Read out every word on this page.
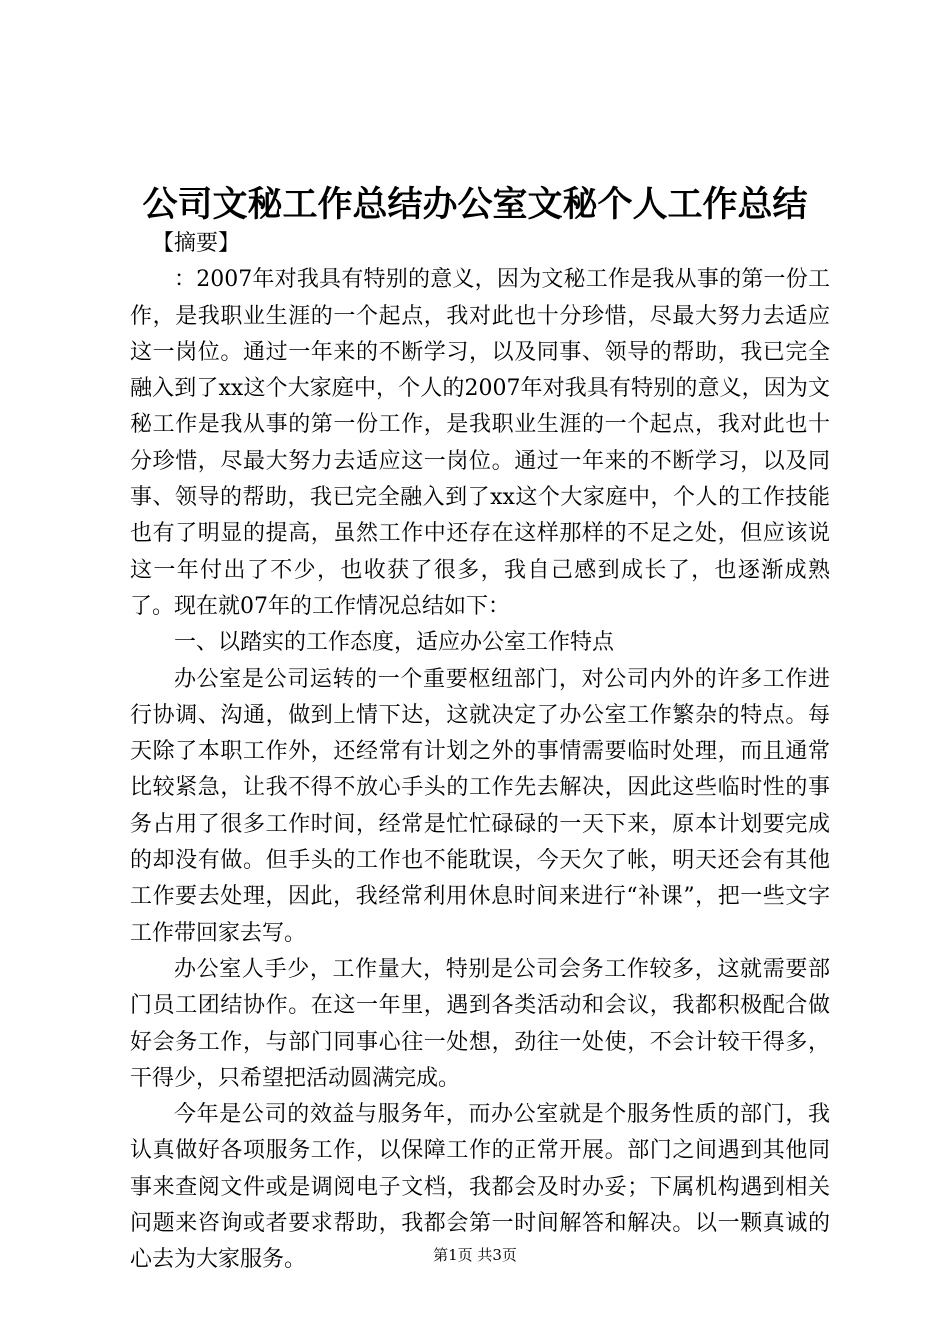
公司文秘工作总结办公室文秘个人工作总结

【摘要】

：2007年对我具有特别的意义，因为文秘工作是我从事的第一份工作，是我职业生涯的一个起点，我对此也十分珍惜，尽最大努力去适应这一岗位。通过一年来的不断学习，以及同事、领导的帮助，我已完全融入到了xx这个大家庭中，个人的2007年对我具有特别的意义，因为文秘工作是我从事的第一份工作，是我职业生涯的一个起点，我对此也十分珍惜，尽最大努力去适应这一岗位。通过一年来的不断学习，以及同事、领导的帮助，我已完全融入到了xx这个大家庭中，个人的工作技能也有了明显的提高，虽然工作中还存在这样那样的不足之处，但应该说这一年付出了不少，也收获了很多，我自己感到成长了，也逐渐成熟了。现在就07年的工作情况总结如下：

一、以踏实的工作态度，适应办公室工作特点

办公室是公司运转的一个重要枢纽部门，对公司内外的许多工作进行协调、沟通，做到上情下达，这就决定了办公室工作繁杂的特点。每天除了本职工作外，还经常有计划之外的事情需要临时处理，而且通常比较紧急，让我不得不放心手头的工作先去解决，因此这些临时性的事务占用了很多工作时间，经常是忙忙碌碌的一天下来，原本计划要完成的却没有做。但手头的工作也不能耽误，今天欠了帐，明天还会有其他工作要去处理，因此，我经常利用休息时间来进行“补课”，把一些文字工作带回家去写。

办公室人手少，工作量大，特别是公司会务工作较多，这就需要部门员工团结协作。在这一年里，遇到各类活动和会议，我都积极配合做好会务工作，与部门同事心往一处想，劲往一处使，不会计较干得多，干得少，只希望把活动圆满完成。

今年是公司的效益与服务年，而办公室就是个服务性质的部门，我认真做好各项服务工作，以保障工作的正常开展。部门之间遇到其他同事来查阅文件或是调阅电子文档，我都会及时办妥；下属机构遇到相关问题来咨询或者要求帮助，我都会第一时间解答和解决。以一颗真诚的心去为大家服务。	第1页 共3页
